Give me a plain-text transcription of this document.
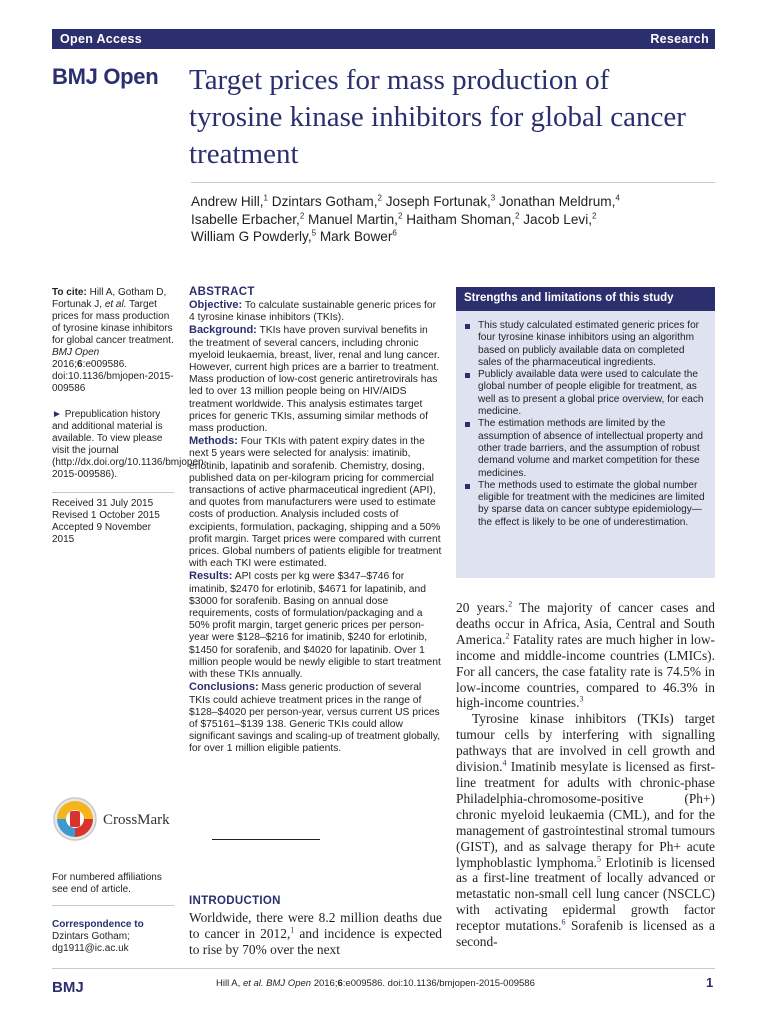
Open Access	Research
BMJ Open Target prices for mass production of tyrosine kinase inhibitors for global cancer treatment
Andrew Hill,$^1$ Dzintars Gotham,$^2$ Joseph Fortunak,$^3$ Jonathan Meldrum,$^4$
Isabelle Erbacher,$^2$ Manuel Martin,$^2$ Haitham Shoman,$^2$ Jacob Levi,$^2$
William G Powderly,$^5$ Mark Bower$^6$

To cite: Hill A, Gotham D, Fortunak J, et al. Target prices for mass production of tyrosine kinase inhibitors for global cancer treatment. BMJ Open 2016;6:e009586. doi:10.1136/bmjopen-2015-009586

► Prepublication history and additional material is available. To view please visit the journal (http://dx.doi.org/10.1136/bmjopen-2015-009586).

Received 31 July 2015
Revised 1 October 2015
Accepted 9 November 2015

CrossMark

For numbered affiliations see end of article.

Correspondence to
Dzintars Gotham;
dg1911@ic.ac.uk

ABSTRACT

Objective: To calculate sustainable generic prices for 4 tyrosine kinase inhibitors (TKIs).

Background: TKIs have proven survival benefits in the treatment of several cancers, including chronic myeloid leukaemia, breast, liver, renal and lung cancer. However, current high prices are a barrier to treatment. Mass production of low-cost generic antiretrovirals has led to over 13 million people being on HIV/AIDS treatment worldwide. This analysis estimates target prices for generic TKIs, assuming similar methods of mass production.

Methods: Four TKIs with patent expiry dates in the next 5 years were selected for analysis: imatinib, erlotinib, lapatinib and sorafenib. Chemistry, dosing, published data on per-kilogram pricing for commercial transactions of active pharmaceutical ingredient (API), and quotes from manufacturers were used to estimate costs of production. Analysis included costs of excipients, formulation, packaging, shipping and a 50% profit margin. Target prices were compared with current prices. Global numbers of patients eligible for treatment with each TKI were estimated.

Results: API costs per kg were $347–$746 for imatinib, $2470 for erlotinib, $4671 for lapatinib, and $3000 for sorafenib. Basing on annual dose requirements, costs of formulation/packaging and a 50% profit margin, target generic prices per person-year were $128–$216 for imatinib, $240 for erlotinib, $1450 for sorafenib, and $4020 for lapatinib. Over 1 million people would be newly eligible to start treatment with these TKIs annually.

Conclusions: Mass generic production of several TKIs could achieve treatment prices in the range of $128–$4020 per person-year, versus current US prices of $75161–$139 138. Generic TKIs could allow significant savings and scaling-up of treatment globally, for over 1 million eligible patients.

This study calculated estimated generic prices for four tyrosine kinase inhibitors using an algorithm based on publicly available data on completed sales of the pharmaceutical ingredients.
Publicly available data were used to calculate the global number of people eligible for treatment, as well as to present a global price overview, for each medicine.
The estimation methods are limited by the assumption of absence of intellectual property and other trade barriers, and the assumption of robust demand volume and market competition for these medicines.
The methods used to estimate the global number eligible for treatment with the medicines are limited by sparse data on cancer subtype epidemiology—the effect is likely to be one of underestimation.
Strengths and limitations of this study
INTRODUCTION

Worldwide, there were 8.2 million deaths due to cancer in 2012,$^1$ and incidence is expected to rise by 70% over the next

20 years.$^2$ The majority of cancer cases and deaths occur in Africa, Asia, Central and South America.$^2$ Fatality rates are much higher in low-income and middle-income countries (LMICs). For all cancers, the case fatality rate is 74.5% in low-income countries, compared to 46.3% in high-income countries.$^3$

Tyrosine kinase inhibitors (TKIs) target tumour cells by interfering with signalling pathways that are involved in cell growth and division.$^4$ Imatinib mesylate is licensed as first-line treatment for adults with chronic-phase Philadelphia-chromosome-positive (Ph+) chronic myeloid leukaemia (CML), and for the management of gastrointestinal stromal tumours (GIST), and as salvage therapy for Ph+ acute lymphoblastic lymphoma.$^5$ Erlotinib is licensed as a first-line treatment of locally advanced or metastatic non-small cell lung cancer (NSCLC) with activating epidermal growth factor receptor mutations.$^6$ Sorafenib is licensed as a second-

BMJ	Hill A, et al. BMJ Open 2016;6:e009586. doi:10.1136/bmjopen-2015-009586	1
